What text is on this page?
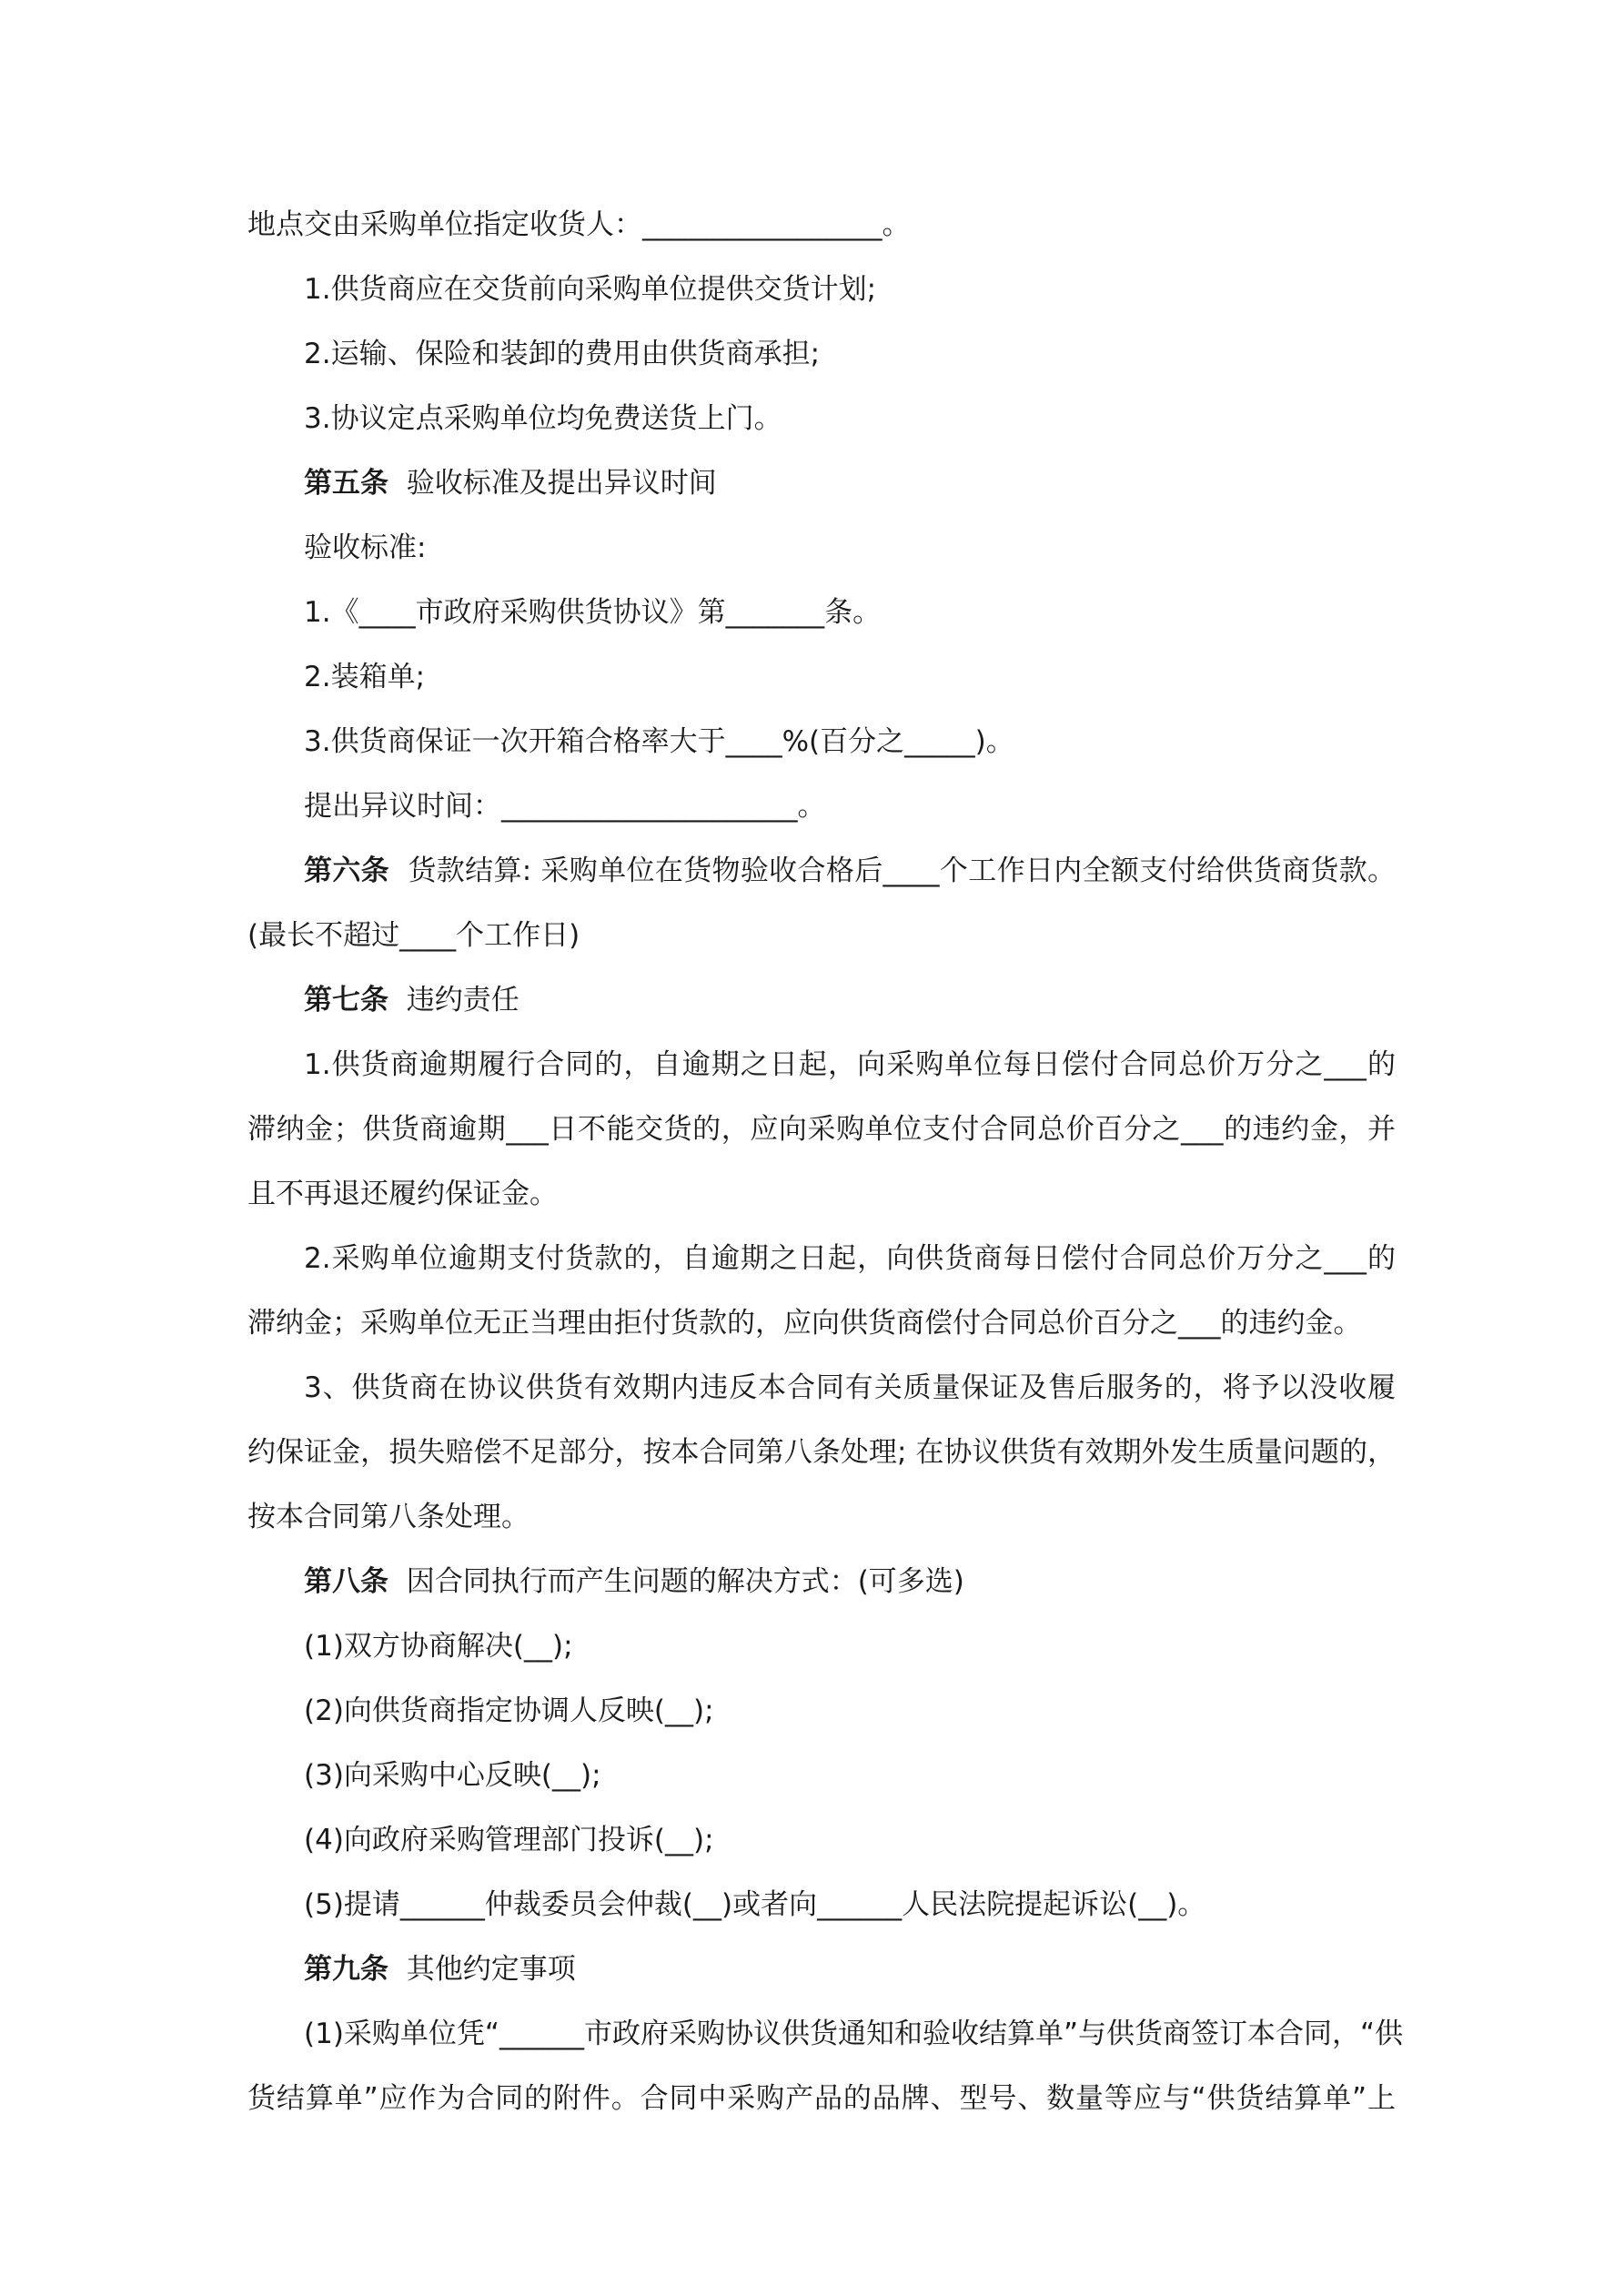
地点交由采购单位指定收货人：_________________。
1.供货商应在交货前向采购单位提供交货计划;
2.运输、保险和装卸的费用由供货商承担;
3.协议定点采购单位均免费送货上门。
第五条 验收标准及提出异议时间
验收标准:
1.《____市政府采购供货协议》第_______条。
2.装箱单;
3.供货商保证一次开箱合格率大于____%(百分之_____)。
提出异议时间：_____________________。
第六条 货款结算: 采购单位在货物验收合格后____个工作日内全额支付给供货商货款。
(最长不超过____个工作日)
第七条 违约责任
1.供货商逾期履行合同的，自逾期之日起，向采购单位每日偿付合同总价万分之___的
滞纳金；供货商逾期___日不能交货的，应向采购单位支付合同总价百分之___的违约金，并
且不再退还履约保证金。
2.采购单位逾期支付货款的，自逾期之日起，向供货商每日偿付合同总价万分之___的
滞纳金；采购单位无正当理由拒付货款的，应向供货商偿付合同总价百分之___的违约金。
3、供货商在协议供货有效期内违反本合同有关质量保证及售后服务的，将予以没收履
约保证金，损失赔偿不足部分，按本合同第八条处理; 在协议供货有效期外发生质量问题的，
按本合同第八条处理。
第八条 因合同执行而产生问题的解决方式：(可多选)
(1)双方协商解决(__);
(2)向供货商指定协调人反映(__);
(3)向采购中心反映(__);
(4)向政府采购管理部门投诉(__);
(5)提请______仲裁委员会仲裁(__)或者向______人民法院提起诉讼(__)。
第九条 其他约定事项
(1)采购单位凭“______市政府采购协议供货通知和验收结算单”与供货商签订本合同，“供
货结算单”应作为合同的附件。合同中采购产品的品牌、型号、数量等应与“供货结算单”上
